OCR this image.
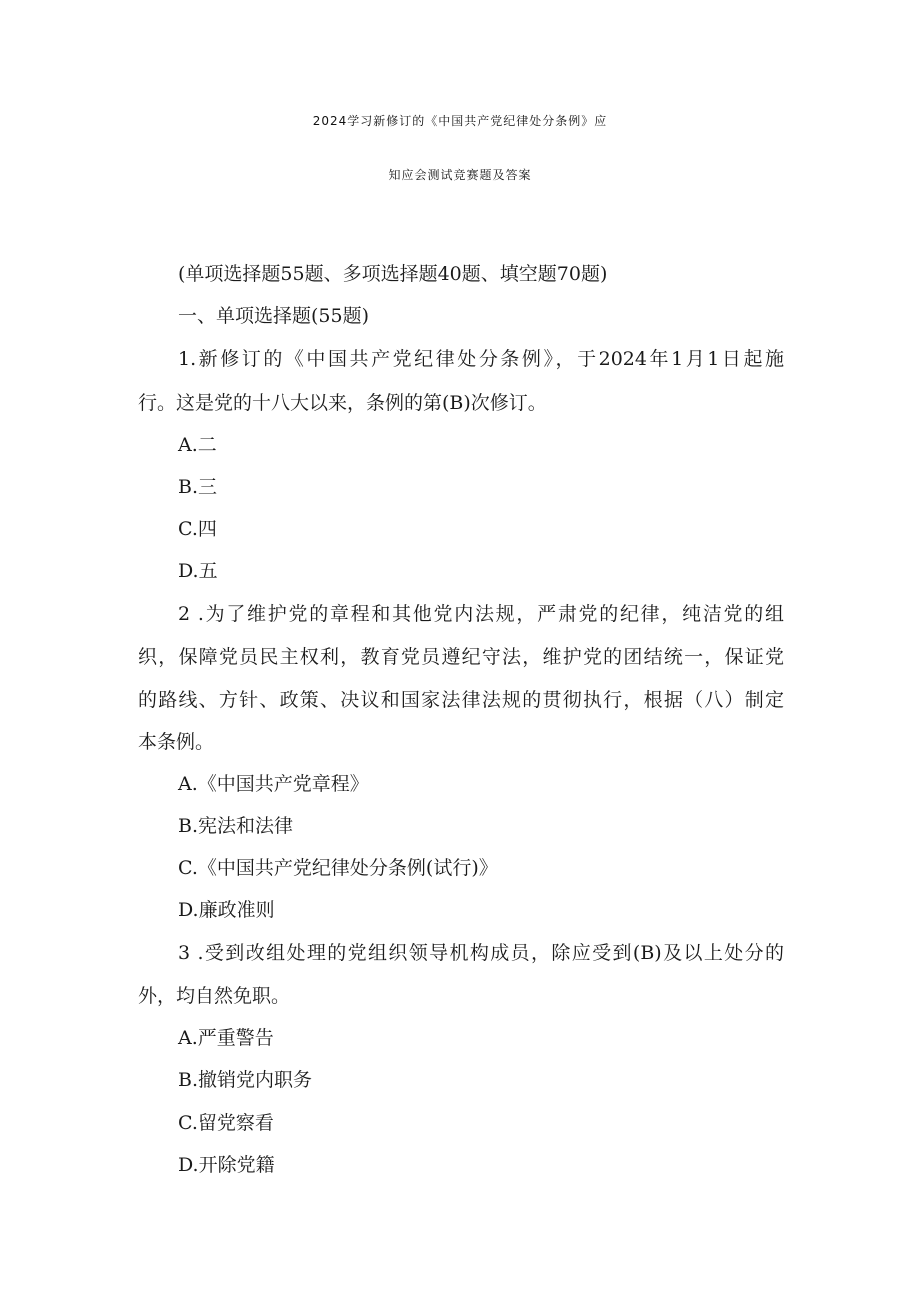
2024学习新修订的《中国共产党纪律处分条例》应
知应会测试竞赛题及答案

(单项选择题55题、多项选择题40题、填空题70题)

一、单项选择题(55题)

1.新修订的《中国共产党纪律处分条例》，于2024年1月1日起施

行。这是党的十八大以来，条例的第(B)次修订。

A.二

B.三

C.四

D.五

2 .为了维护党的章程和其他党内法规，严肃党的纪律，纯洁党的组

织，保障党员民主权利，教育党员遵纪守法，维护党的团结统一，保证党

的路线、方针、政策、决议和国家法律法规的贯彻执行，根据（八）制定

本条例。

A.《中国共产党章程》

B.宪法和法律

C.《中国共产党纪律处分条例(试行)》

D.廉政准则

3 .受到改组处理的党组织领导机构成员，除应受到(B)及以上处分的

外，均自然免职。

A.严重警告

B.撤销党内职务

C.留党察看

D.开除党籍
